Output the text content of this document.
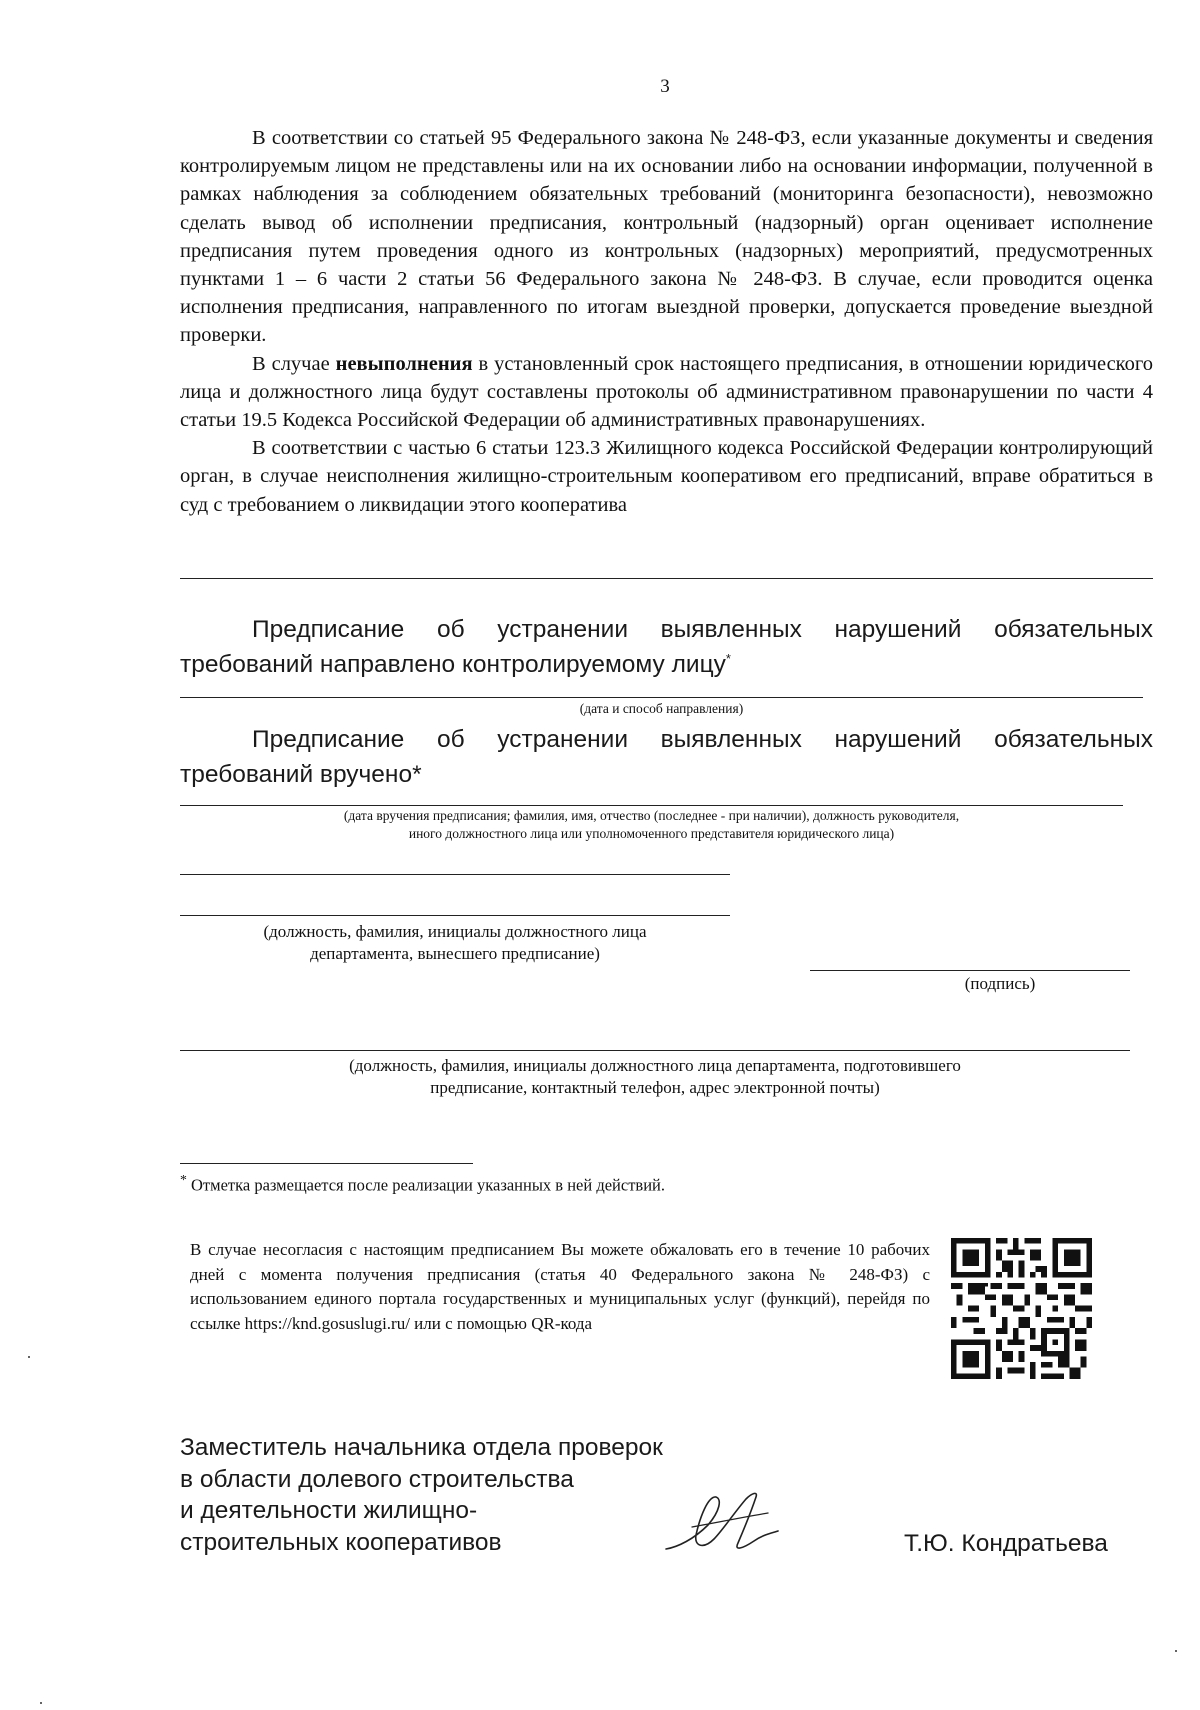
3

В соответствии со статьей 95 Федерального закона № 248-ФЗ, если указанные документы и сведения контролируемым лицом не представлены или на их основании либо на основании информации, полученной в рамках наблюдения за соблюдением обязательных требований (мониторинга безопасности), невозможно сделать вывод об исполнении предписания, контрольный (надзорный) орган оценивает исполнение предписания путем проведения одного из контрольных (надзорных) мероприятий, предусмотренных пунктами 1 – 6 части 2 статьи 56 Федерального закона № 248-ФЗ. В случае, если проводится оценка исполнения предписания, направленного по итогам выездной проверки, допускается проведение выездной проверки.

В случае невыполнения в установленный срок настоящего предписания, в отношении юридического лица и должностного лица будут составлены протоколы об административном правонарушении по части 4 статьи 19.5 Кодекса Российской Федерации об административных правонарушениях.

В соответствии с частью 6 статьи 123.3 Жилищного кодекса Российской Федерации контролирующий орган, в случае неисполнения жилищно-строительным кооперативом его предписаний, вправе обратиться в суд с требованием о ликвидации этого кооператива

Предписание об устранении выявленных нарушений обязательных требований направлено контролируемому лицу*

(дата и способ направления)

Предписание об устранении выявленных нарушений обязательных требований вручено*

(дата вручения предписания; фамилия, имя, отчество (последнее - при наличии), должность руководителя,
иного должностного лица или уполномоченного представителя юридического лица)
(должность, фамилия, инициалы должностного лица
департамента, вынесшего предписание)
(подпись)
(должность, фамилия, инициалы должностного лица департамента, подготовившего
предписание, контактный телефон, адрес электронной почты)
* Отметка размещается после реализации указанных в ней действий.
В случае несогласия с настоящим предписанием Вы можете обжаловать его в течение 10 рабочих дней с момента получения предписания (статья 40 Федерального закона № 248-ФЗ) с использованием единого портала государственных и муниципальных услуг (функций), перейдя по ссылке https://knd.gosuslugi.ru/ или с помощью QR-кода
Заместитель начальника отдела проверок
в области долевого строительства
и деятельности жилищно-
строительных кооперативов	Т.Ю. Кондратьева
